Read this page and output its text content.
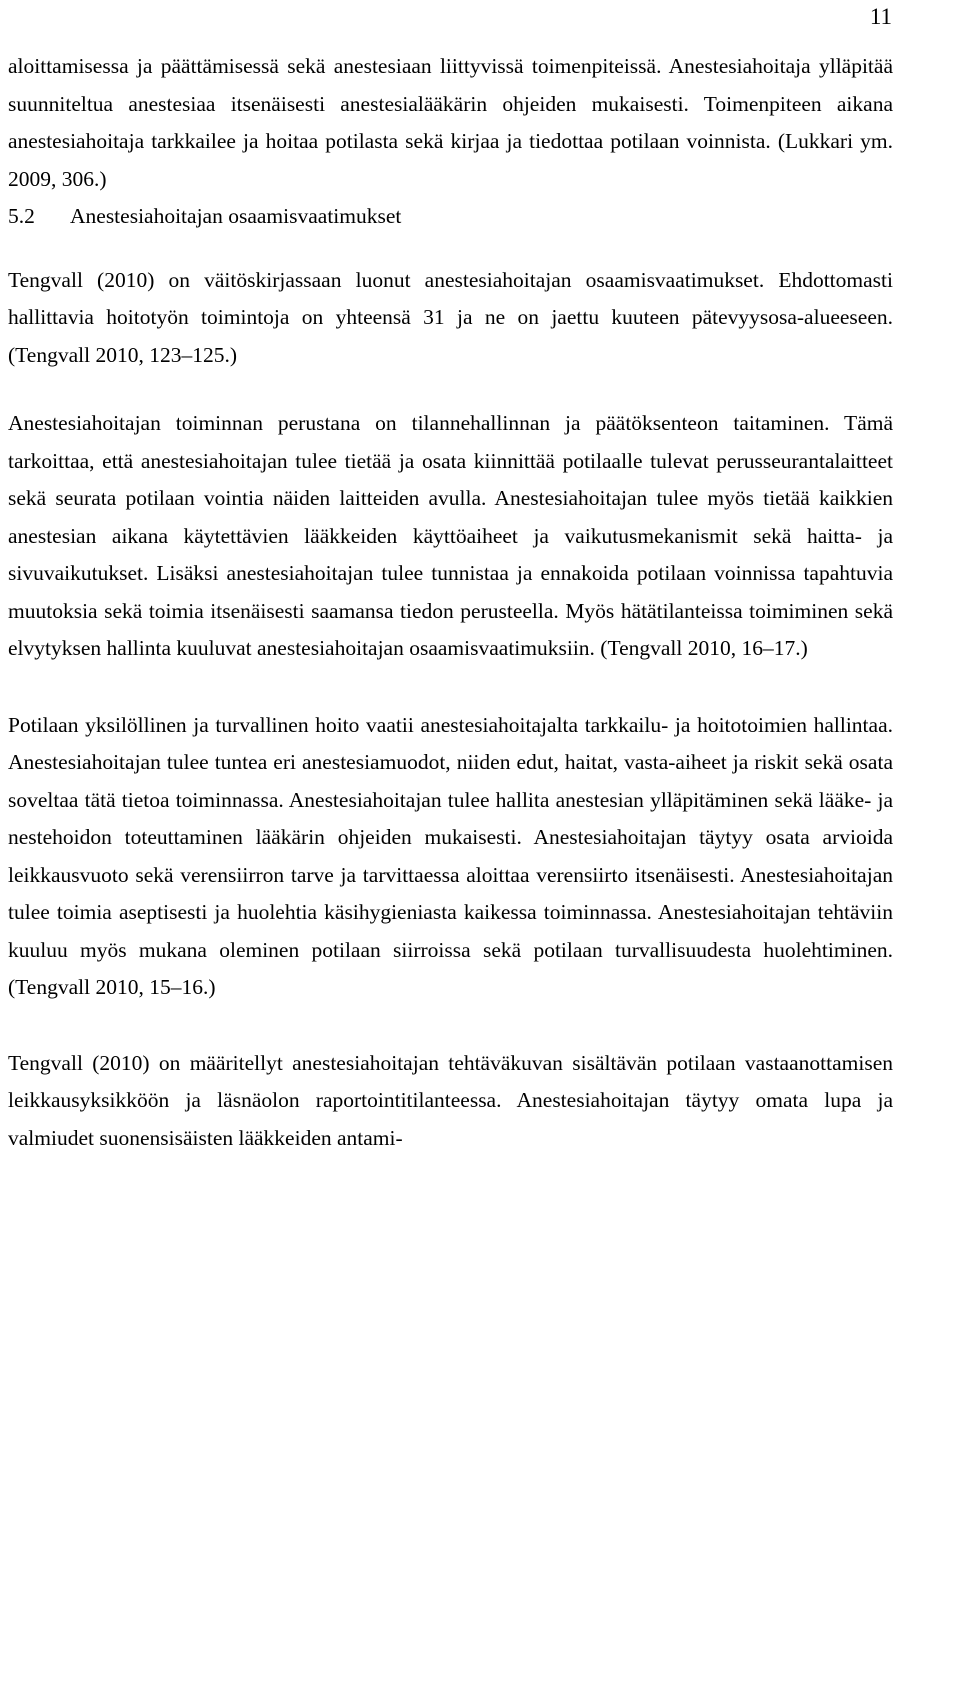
11

aloittamisessa ja päättämisessä sekä anestesiaan liittyvissä toimenpiteissä. Anestesiahoitaja ylläpitää suunniteltua anestesiaa itsenäisesti anestesialääkärin ohjeiden mukaisesti. Toimenpiteen aikana anestesiahoitaja tarkkailee ja hoitaa potilasta sekä kirjaa ja tiedottaa potilaan voinnista. (Lukkari ym. 2009, 306.)

5.2 Anestesiahoitajan osaamisvaatimukset

Tengvall (2010) on väitöskirjassaan luonut anestesiahoitajan osaamisvaatimukset. Ehdottomasti hallittavia hoitotyön toimintoja on yhteensä 31 ja ne on jaettu kuuteen pätevyysosa-alueeseen. (Tengvall 2010, 123–125.)

Anestesiahoitajan toiminnan perustana on tilannehallinnan ja päätöksenteon taitaminen. Tämä tarkoittaa, että anestesiahoitajan tulee tietää ja osata kiinnittää potilaalle tulevat perusseurantalaitteet sekä seurata potilaan vointia näiden laitteiden avulla. Anestesiahoitajan tulee myös tietää kaikkien anestesian aikana käytettävien lääkkeiden käyttöaiheet ja vaikutusmekanismit sekä haitta- ja sivuvaikutukset. Lisäksi anestesiahoitajan tulee tunnistaa ja ennakoida potilaan voinnissa tapahtuvia muutoksia sekä toimia itsenäisesti saamansa tiedon perusteella. Myös hätätilanteissa toimiminen sekä elvytyksen hallinta kuuluvat anestesiahoitajan osaamisvaatimuksiin. (Tengvall 2010, 16–17.)

Potilaan yksilöllinen ja turvallinen hoito vaatii anestesiahoitajalta tarkkailu- ja hoitotoimien hallintaa. Anestesiahoitajan tulee tuntea eri anestesiamuodot, niiden edut, haitat, vasta-aiheet ja riskit sekä osata soveltaa tätä tietoa toiminnassa. Anestesiahoitajan tulee hallita anestesian ylläpitäminen sekä lääke- ja nestehoidon toteuttaminen lääkärin ohjeiden mukaisesti. Anestesiahoitajan täytyy osata arvioida leikkausvuoto sekä verensiirron tarve ja tarvittaessa aloittaa verensiirto itsenäisesti. Anestesiahoitajan tulee toimia aseptisesti ja huolehtia käsihygieniasta kaikessa toiminnassa. Anestesiahoitajan tehtäviin kuuluu myös mukana oleminen potilaan siirroissa sekä potilaan turvallisuudesta huolehtiminen. (Tengvall 2010, 15–16.)

Tengvall (2010) on määritellyt anestesiahoitajan tehtäväkuvan sisältävän potilaan vastaanottamisen leikkausyksikköön ja läsnäolon raportointitilanteessa. Anestesiahoitajan täytyy omata lupa ja valmiudet suonensisäisten lääkkeiden antami-
